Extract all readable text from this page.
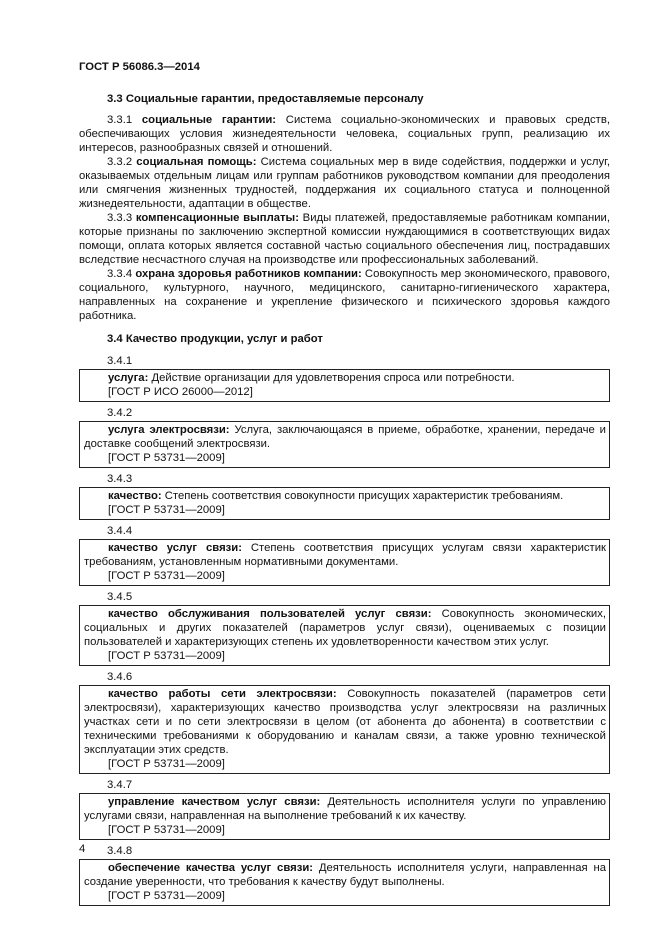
ГОСТ Р 56086.3—2014
3.3 Социальные гарантии, предоставляемые персоналу

3.3.1 социальные гарантии: Система социально-экономических и правовых средств, обеспечивающих условия жизнедеятельности человека, социальных групп, реализацию их интересов, разнообразных связей и отношений.

3.3.2 социальная помощь: Система социальных мер в виде содействия, поддержки и услуг, оказываемых отдельным лицам или группам работников руководством компании для преодоления или смягчения жизненных трудностей, поддержания их социального статуса и полноценной жизнедеятельности, адаптации в обществе.

3.3.3 компенсационные выплаты: Виды платежей, предоставляемые работникам компании, которые признаны по заключению экспертной комиссии нуждающимися в соответствующих видах помощи, оплата которых является составной частью социального обеспечения лиц, пострадавших вследствие несчастного случая на производстве или профессиональных заболеваний.

3.3.4 охрана здоровья работников компании: Совокупность мер экономического, правового, социального, культурного, научного, медицинского, санитарно-гигиенического характера, направленных на сохранение и укрепление физического и психического здоровья каждого работника.

3.4 Качество продукции, услуг и работ
3.4.1

услуга: Действие организации для удовлетворения спроса или потребности.

[ГОСТ Р ИСО 26000—2012]
3.4.2

услуга электросвязи: Услуга, заключающаяся в приеме, обработке, хранении, передаче и доставке сообщений электросвязи.

[ГОСТ Р 53731—2009]
3.4.3

качество: Степень соответствия совокупности присущих характеристик требованиям.

[ГОСТ Р 53731—2009]
3.4.4

качество услуг связи: Степень соответствия присущих услугам связи характеристик требованиям, установленным нормативными документами.

[ГОСТ Р 53731—2009]
3.4.5

качество обслуживания пользователей услуг связи: Совокупность экономических, социальных и других показателей (параметров услуг связи), оцениваемых с позиции пользователей и характеризующих степень их удовлетворенности качеством этих услуг.

[ГОСТ Р 53731—2009]
3.4.6

качество работы сети электросвязи: Совокупность показателей (параметров сети электросвязи), характеризующих качество производства услуг электросвязи на различных участках сети и по сети электросвязи в целом (от абонента до абонента) в соответствии с техническими требованиями к оборудованию и каналам связи, а также уровню технической эксплуатации этих средств.

[ГОСТ Р 53731—2009]
3.4.7

управление качеством услуг связи: Деятельность исполнителя услуги по управлению услугами связи, направленная на выполнение требований к их качеству.

[ГОСТ Р 53731—2009]
3.4.8

обеспечение качества услуг связи: Деятельность исполнителя услуги, направленная на создание уверенности, что требования к качеству будут выполнены.

[ГОСТ Р 53731—2009]
4
